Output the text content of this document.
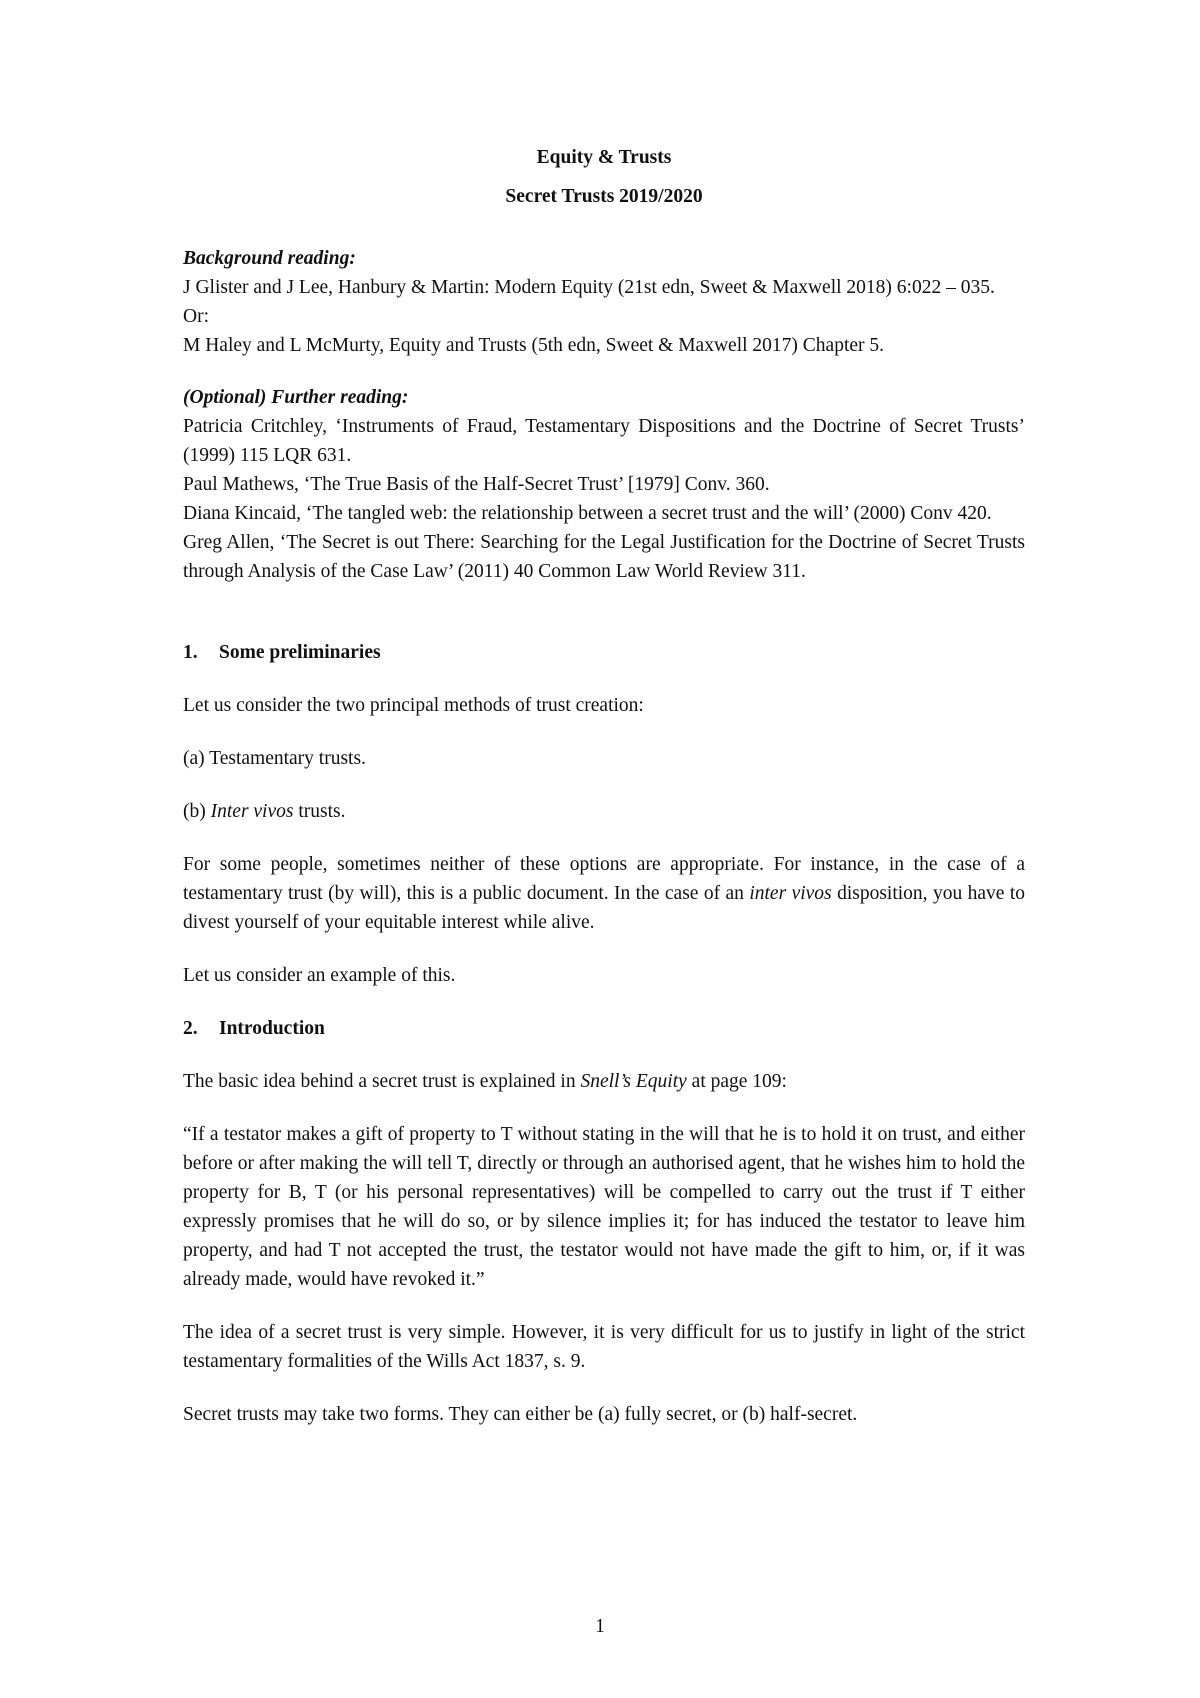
Equity & Trusts

Secret Trusts 2019/2020

Background reading:

J Glister and J Lee, Hanbury & Martin: Modern Equity (21st edn, Sweet & Maxwell 2018) 6:022 – 035.

Or:

M Haley and L McMurty, Equity and Trusts (5th edn, Sweet & Maxwell 2017) Chapter 5.

(Optional) Further reading:

Patricia Critchley, ‘Instruments of Fraud, Testamentary Dispositions and the Doctrine of Secret Trusts’ (1999) 115 LQR 631.

Paul Mathews, ‘The True Basis of the Half-Secret Trust’ [1979] Conv. 360.

Diana Kincaid, ‘The tangled web: the relationship between a secret trust and the will’ (2000) Conv 420.

Greg Allen, ‘The Secret is out There: Searching for the Legal Justification for the Doctrine of Secret Trusts through Analysis of the Case Law’ (2011) 40 Common Law World Review 311.

1.	Some preliminaries

Let us consider the two principal methods of trust creation:

(a) Testamentary trusts.

(b) Inter vivos trusts.

For some people, sometimes neither of these options are appropriate. For instance, in the case of a testamentary trust (by will), this is a public document. In the case of an inter vivos disposition, you have to divest yourself of your equitable interest while alive.

Let us consider an example of this.

2.	Introduction

The basic idea behind a secret trust is explained in Snell’s Equity at page 109:

“If a testator makes a gift of property to T without stating in the will that he is to hold it on trust, and either before or after making the will tell T, directly or through an authorised agent, that he wishes him to hold the property for B, T (or his personal representatives) will be compelled to carry out the trust if T either expressly promises that he will do so, or by silence implies it; for has induced the testator to leave him property, and had T not accepted the trust, the testator would not have made the gift to him, or, if it was already made, would have revoked it.”

The idea of a secret trust is very simple. However, it is very difficult for us to justify in light of the strict testamentary formalities of the Wills Act 1837, s. 9.

Secret trusts may take two forms. They can either be (a) fully secret, or (b) half-secret.

1
